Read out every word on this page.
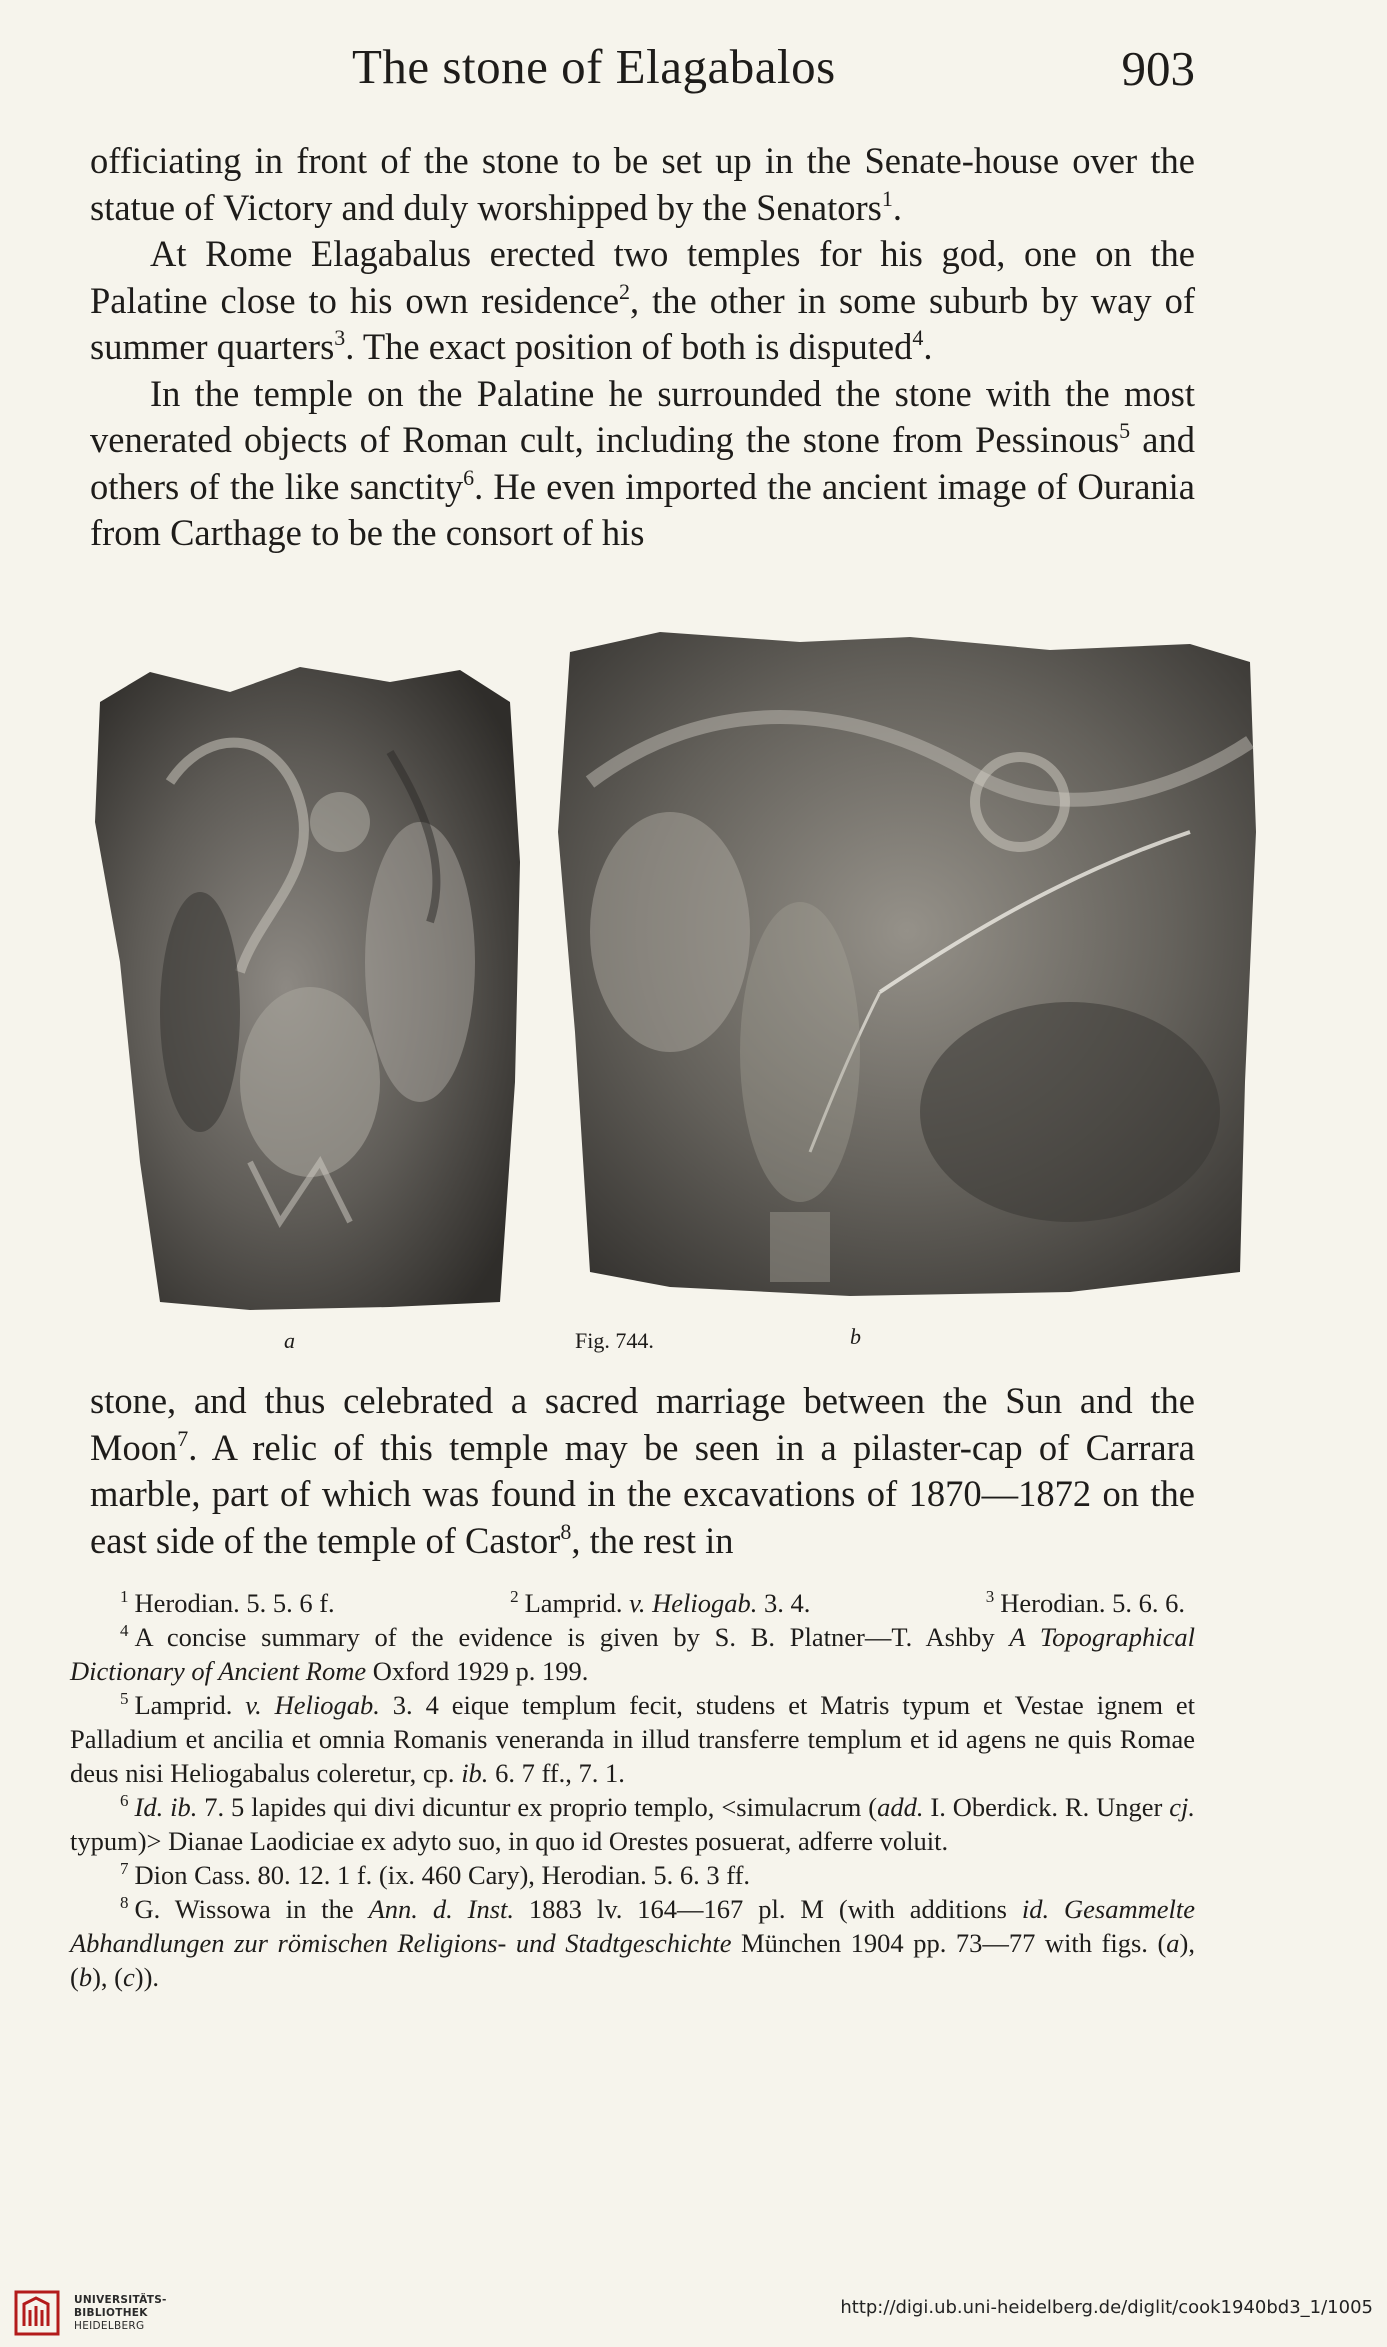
The stone of Elagabalos	903

officiating in front of the stone to be set up in the Senate-house over the statue of Victory and duly worshipped by the Senators$^1$.

At Rome Elagabalus erected two temples for his god, one on the Palatine close to his own residence$^2$, the other in some suburb by way of summer quarters$^3$. The exact position of both is disputed$^4$.

In the temple on the Palatine he surrounded the stone with the most venerated objects of Roman cult, including the stone from Pessinous$^5$ and others of the like sanctity$^6$. He even imported the ancient image of Ourania from Carthage to be the consort of his

a	Fig. 744.	b

stone, and thus celebrated a sacred marriage between the Sun and the Moon$^7$. A relic of this temple may be seen in a pilaster-cap of Carrara marble, part of which was found in the excavations of 1870—1872 on the east side of the temple of Castor$^8$, the rest in

$^1$ Herodian. 5. 5. 6 f.	$^2$ Lamprid. v. Heliogab. 3. 4.	$^3$ Herodian. 5. 6. 6.

$^4$ A concise summary of the evidence is given by S. B. Platner—T. Ashby A Topographical Dictionary of Ancient Rome Oxford 1929 p. 199.

$^5$ Lamprid. v. Heliogab. 3. 4 eique templum fecit, studens et Matris typum et Vestae ignem et Palladium et ancilia et omnia Romanis veneranda in illud transferre templum et id agens ne quis Romae deus nisi Heliogabalus coleretur, cp. ib. 6. 7 ff., 7. 1.

$^6$ Id. ib. 7. 5 lapides qui divi dicuntur ex proprio templo, <simulacrum (add. I. Oberdick. R. Unger cj. typum)> Dianae Laodiciae ex adyto suo, in quo id Orestes posuerat, adferre voluit.

$^7$ Dion Cass. 80. 12. 1 f. (ix. 460 Cary), Herodian. 5. 6. 3 ff.

$^8$ G. Wissowa in the Ann. d. Inst. 1883 lv. 164—167 pl. M (with additions id. Gesammelte Abhandlungen zur römischen Religions- und Stadtgeschichte München 1904 pp. 73—77 with figs. (a), (b), (c)).

UNIVERSITÄTS-
BIBLIOTHEK
HEIDELBERG
http://digi.ub.uni-heidelberg.de/diglit/cook1940bd3_1/1005
